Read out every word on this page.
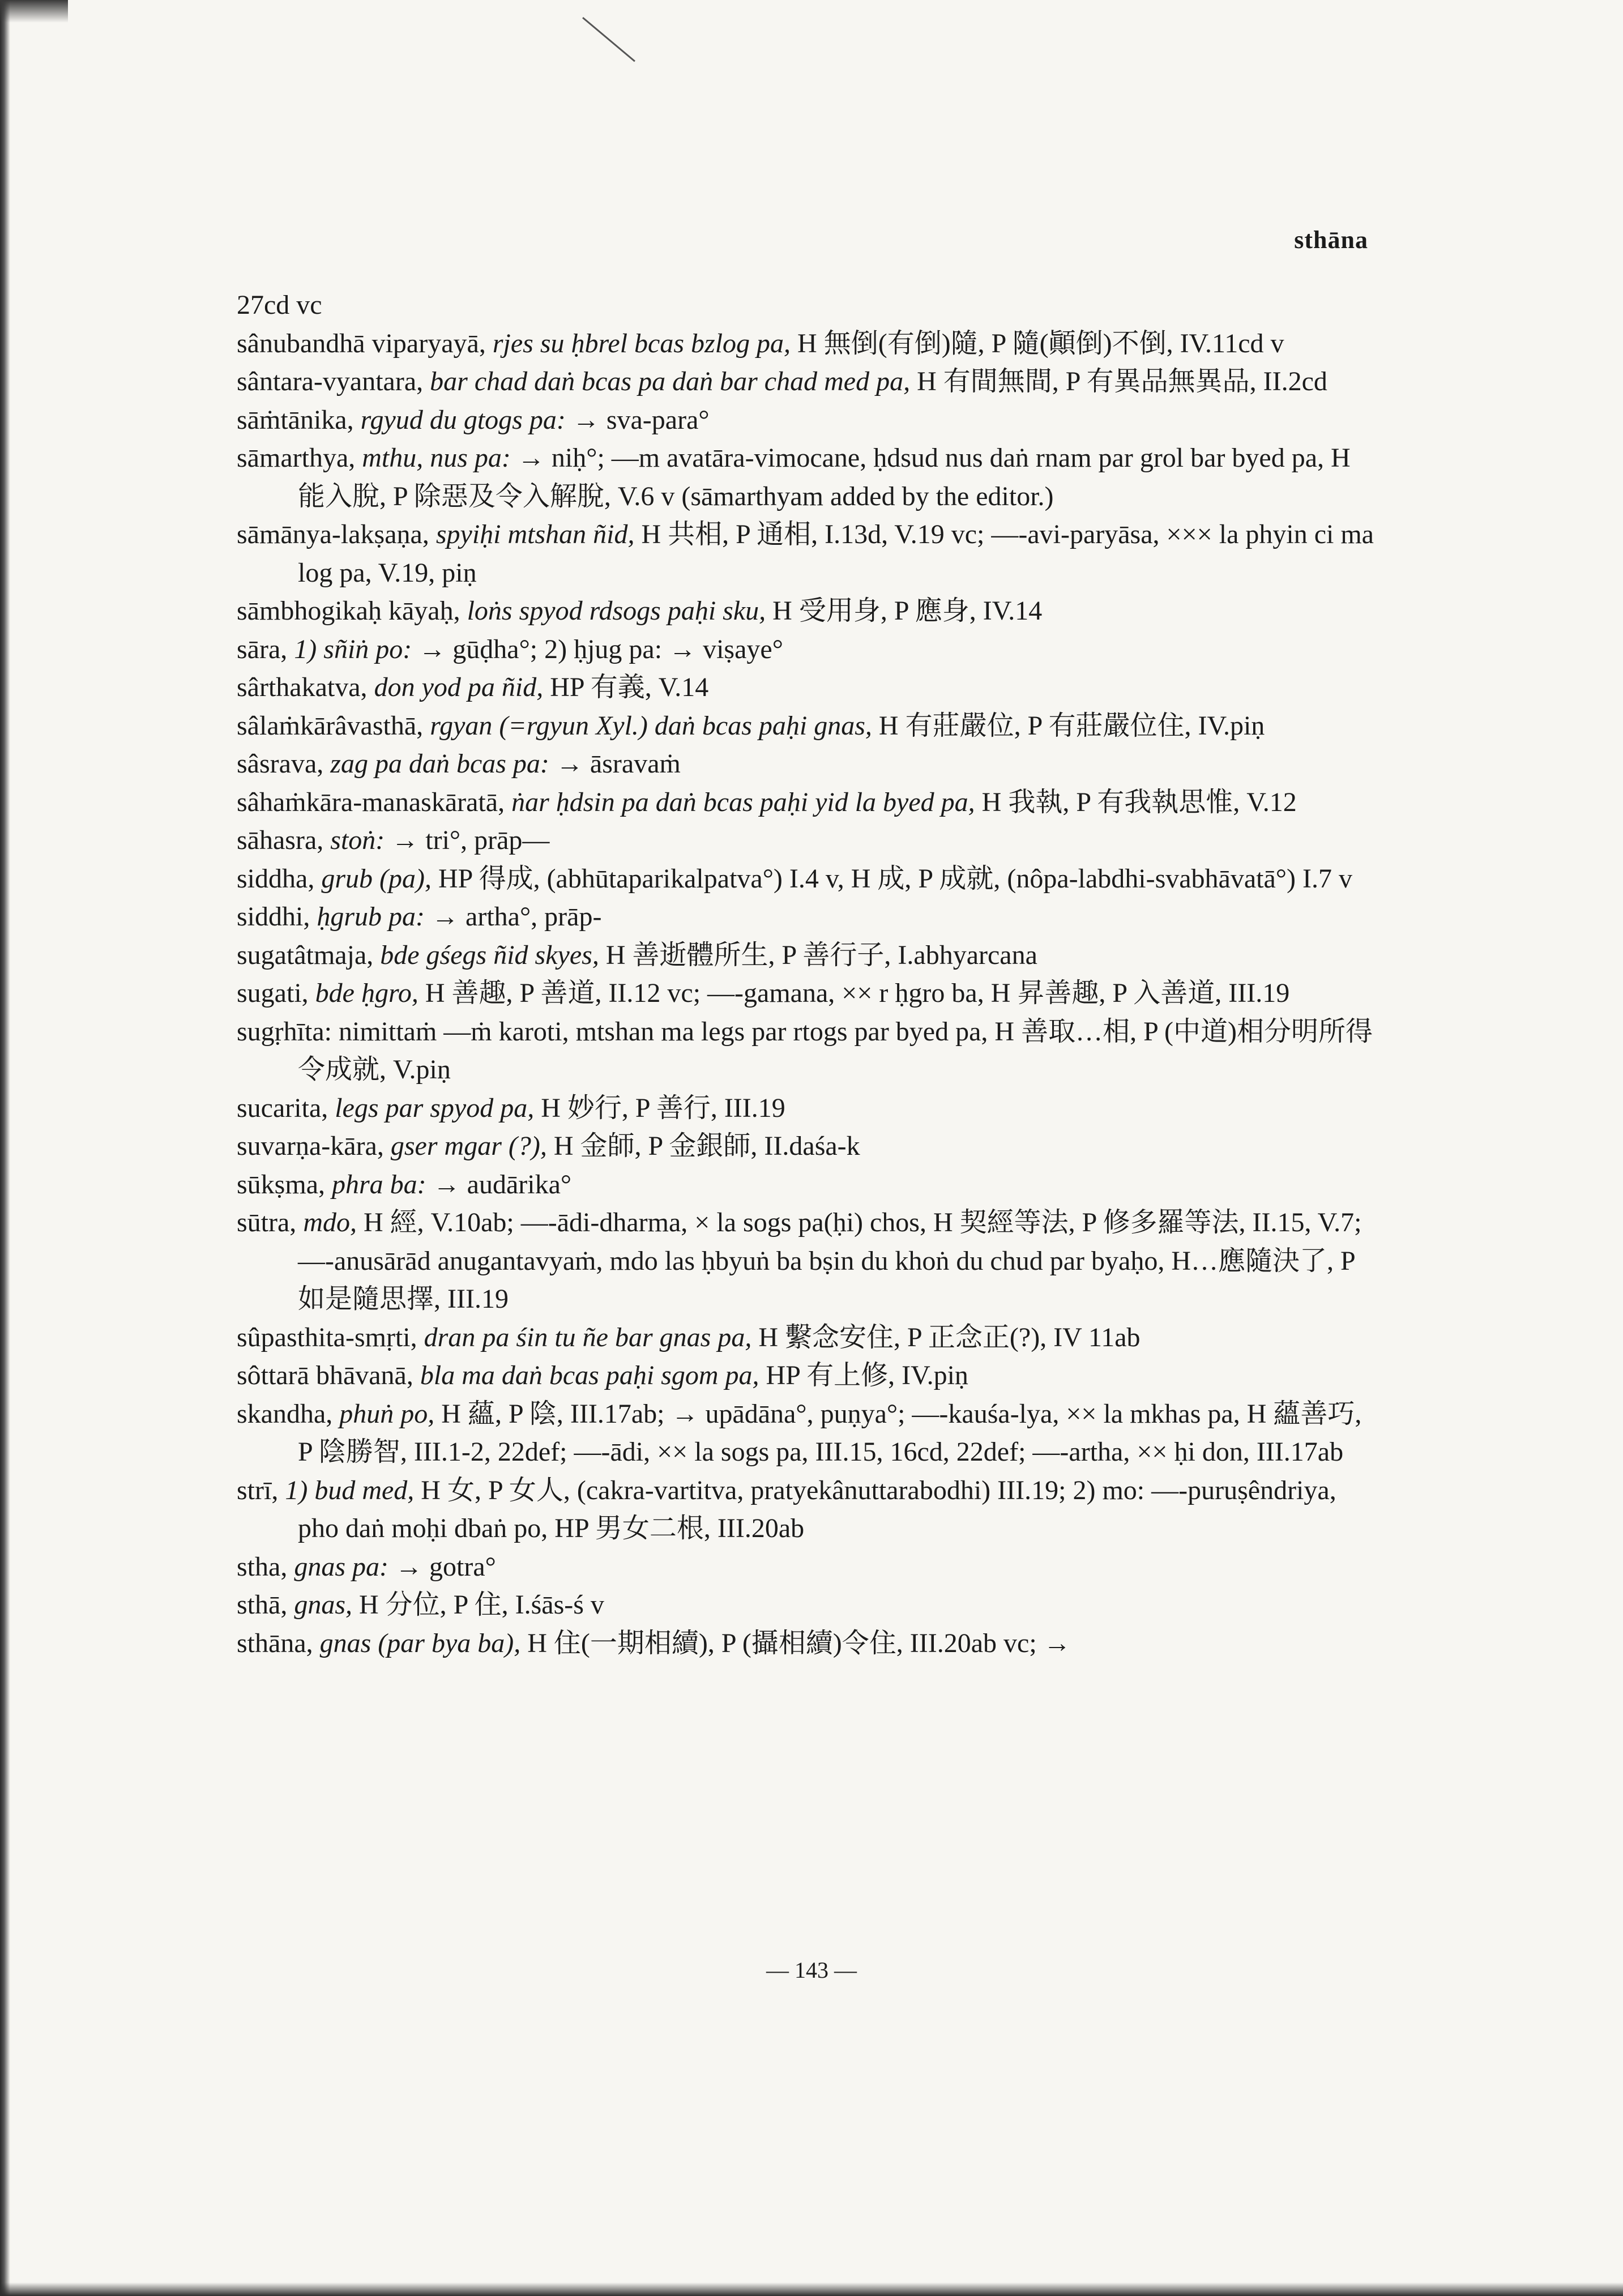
sthāna
27cd vc
sânubandhā viparyayā, rjes su ḥbrel bcas bzlog pa, H 無倒(有倒)隨, P 隨(顚倒)不倒, IV.11cd v
sântara-vyantara, bar chad daṅ bcas pa daṅ bar chad med pa, H 有間無間, P 有異品無異品, II.2cd
sāṁtānika, rgyud du gtogs pa: → sva-para°
sāmarthya, mthu, nus pa: → niḥ°; —m avatāra-vimocane, ḥdsud nus daṅ rnam par grol bar byed pa, H 能入脫, P 除惡及令入解脫, V.6 v (sāmarthyam added by the editor.)
sāmānya-lakṣaṇa, spyiḥi mtshan ñid, H 共相, P 通相, I.13d, V.19 vc; —-avi-paryāsa, ××× la phyin ci ma log pa, V.19, piṇ
sāmbhogikaḥ kāyaḥ, loṅs spyod rdsogs paḥi sku, H 受用身, P 應身, IV.14
sāra, 1) sñiṅ po: → gūḍha°; 2) ḥjug pa: → viṣaye°
sârthakatva, don yod pa ñid, HP 有義, V.14
sâlaṁkārâvasthā, rgyan (=rgyun Xyl.) daṅ bcas paḥi gnas, H 有莊嚴位, P 有莊嚴位住, IV.piṇ
sâsrava, zag pa daṅ bcas pa: → āsravaṁ
sâhaṁkāra-manaskāratā, ṅar ḥdsin pa daṅ bcas paḥi yid la byed pa, H 我執, P 有我執思惟, V.12
sāhasra, stoṅ: → tri°, prāp—
siddha, grub (pa), HP 得成, (abhūtaparikalpatva°) I.4 v, H 成, P 成就, (nôpa-labdhi-svabhāvatā°) I.7 v
siddhi, ḥgrub pa: → artha°, prāp-
sugatâtmaja, bde gśegs ñid skyes, H 善逝體所生, P 善行子, I.abhyarcana
sugati, bde ḥgro, H 善趣, P 善道, II.12 vc; —-gamana, ×× r ḥgro ba, H 昇善趣, P 入善道, III.19
sugṛhīta: nimittaṁ —ṁ karoti, mtshan ma legs par rtogs par byed pa, H 善取…相, P (中道)相分明所得令成就, V.piṇ
sucarita, legs par spyod pa, H 妙行, P 善行, III.19
suvarṇa-kāra, gser mgar (?), H 金師, P 金銀師, II.daśa-k
sūkṣma, phra ba: → audārika°
sūtra, mdo, H 經, V.10ab; —-ādi-dharma, × la sogs pa(ḥi) chos, H 契經等法, P 修多羅等法, II.15, V.7; —-anusārād anugantavyaṁ, mdo las ḥbyuṅ ba bṣin du khoṅ du chud par byaḥo, H…應隨決了, P 如是隨思擇, III.19
sûpasthita-smṛti, dran pa śin tu ñe bar gnas pa, H 繫念安住, P 正念正(?), IV 11ab
sôttarā bhāvanā, bla ma daṅ bcas paḥi sgom pa, HP 有上修, IV.piṇ
skandha, phuṅ po, H 蘊, P 陰, III.17ab; → upādāna°, puṇya°; —-kauśa-lya, ×× la mkhas pa, H 蘊善巧, P 陰勝智, III.1-2, 22def; —-ādi, ×× la sogs pa, III.15, 16cd, 22def; —-artha, ×× ḥi don, III.17ab
strī, 1) bud med, H 女, P 女人, (cakra-vartitva, pratyekânuttarabodhi) III.19; 2) mo: —-puruṣêndriya, pho daṅ moḥi dbaṅ po, HP 男女二根, III.20ab
stha, gnas pa: → gotra°
sthā, gnas, H 分位, P 住, I.śās-ś v
sthāna, gnas (par bya ba), H 住(一期相續), P (攝相續)令住, III.20ab vc; →
— 143 —
